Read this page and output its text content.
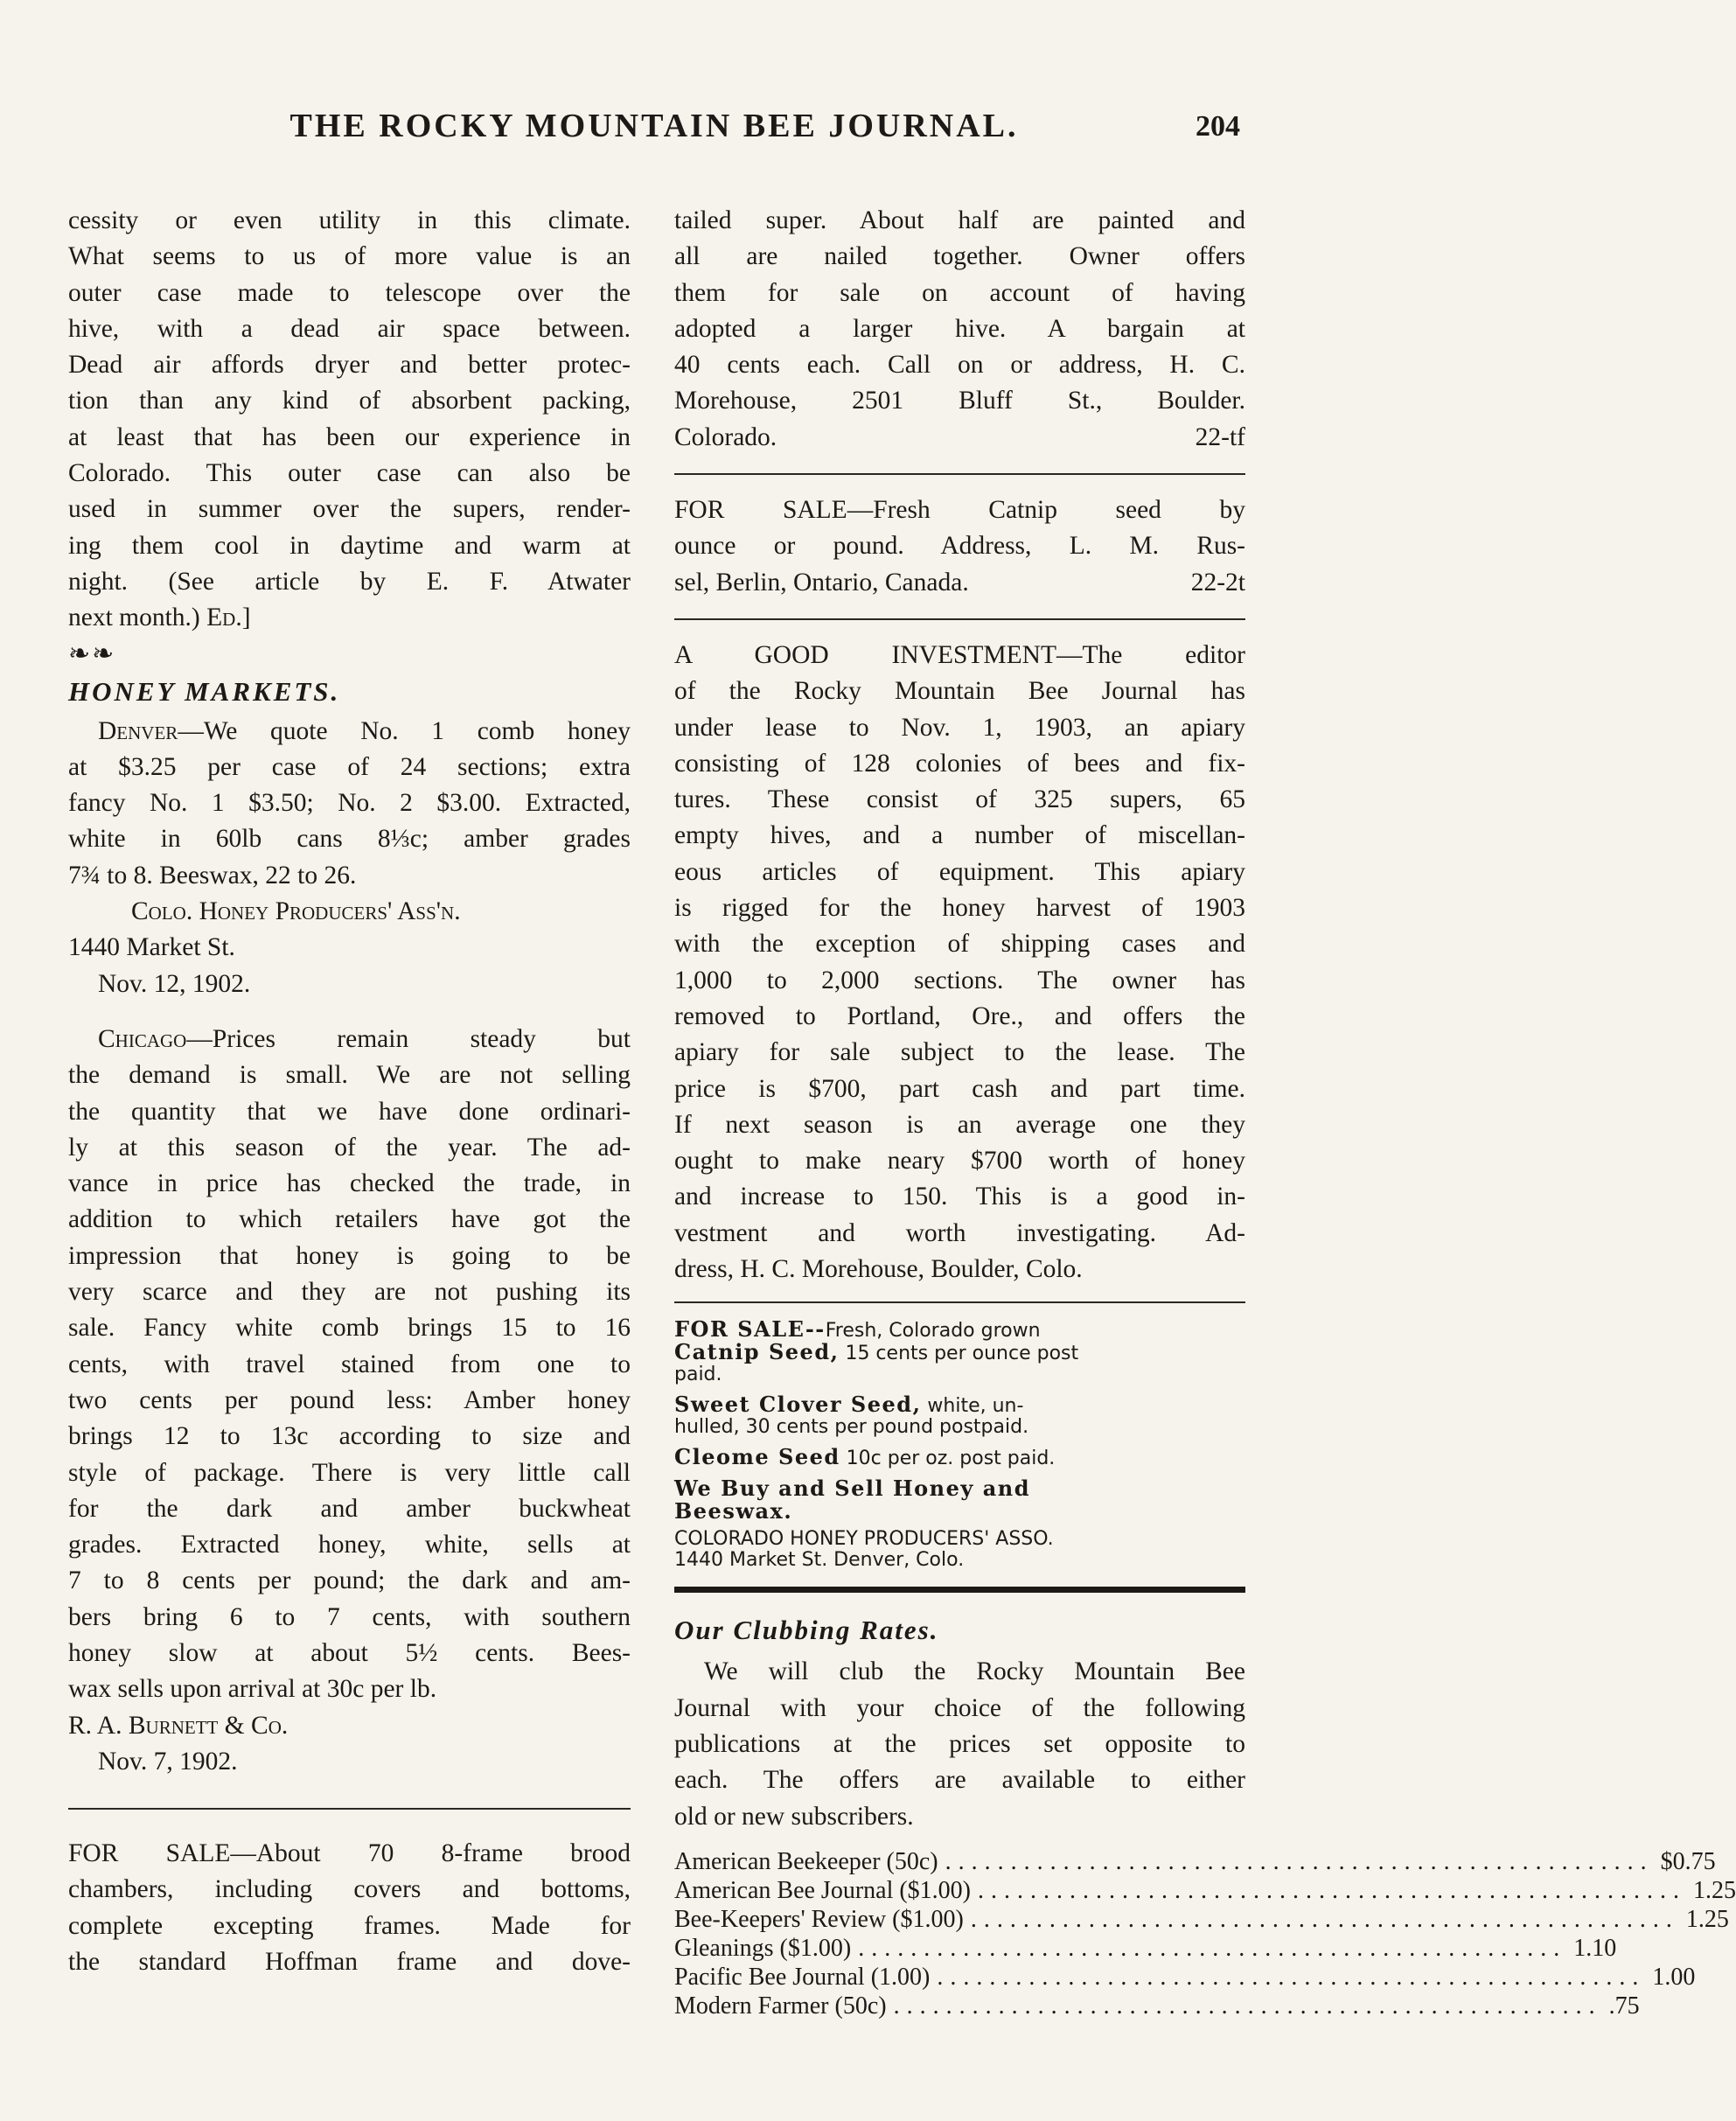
THE ROCKY MOUNTAIN BEE JOURNAL.	204

cessity or even utility in this climate.

What seems to us of more value is an

outer case made to telescope over the

hive, with a dead air space between.

Dead air affords dryer and better protec-

tion than any kind of absorbent packing,

at least that has been our experience in

Colorado. This outer case can also be

used in summer over the supers, render-

ing them cool in daytime and warm at

night. (See article by E. F. Atwater

next month.) Ed.]

❧❧

HONEY MARKETS.

Denver—We quote No. 1 comb honey

at $3.25 per case of 24 sections; extra

fancy No. 1 $3.50; No. 2 $3.00. Extracted,

white in 60lb cans 8⅓c; amber grades

7¾ to 8. Beeswax, 22 to 26.

Colo. Honey Producers' Ass'n.

1440 Market St.

Nov. 12, 1902.

Chicago—Prices remain steady but

the demand is small. We are not selling

the quantity that we have done ordinari-

ly at this season of the year. The ad-

vance in price has checked the trade, in

addition to which retailers have got the

impression that honey is going to be

very scarce and they are not pushing its

sale. Fancy white comb brings 15 to 16

cents, with travel stained from one to

two cents per pound less: Amber honey

brings 12 to 13c according to size and

style of package. There is very little call

for the dark and amber buckwheat

grades. Extracted honey, white, sells at

7 to 8 cents per pound; the dark and am-

bers bring 6 to 7 cents, with southern

honey slow at about 5½ cents. Bees-

wax sells upon arrival at 30c per lb.

R. A. Burnett & Co.

Nov. 7, 1902.

FOR SALE—About 70 8-frame brood

chambers, including covers and bottoms,

complete excepting frames. Made for

the standard Hoffman frame and dove-

tailed super. About half are painted and

all are nailed together. Owner offers

them for sale on account of having

adopted a larger hive. A bargain at

40 cents each. Call on or address, H. C.

Morehouse, 2501 Bluff St., Boulder.

Colorado.	22-tf

FOR SALE—Fresh Catnip seed by

ounce or pound. Address, L. M. Rus-

sel, Berlin, Ontario, Canada.	22-2t

A GOOD INVESTMENT—The editor

of the Rocky Mountain Bee Journal has

under lease to Nov. 1, 1903, an apiary

consisting of 128 colonies of bees and fix-

tures. These consist of 325 supers, 65

empty hives, and a number of miscellan-

eous articles of equipment. This apiary

is rigged for the honey harvest of 1903

with the exception of shipping cases and

1,000 to 2,000 sections. The owner has

removed to Portland, Ore., and offers the

apiary for sale subject to the lease. The

price is $700, part cash and part time.

If next season is an average one they

ought to make neary $700 worth of honey

and increase to 150. This is a good in-

vestment and worth investigating. Ad-

dress, H. C. Morehouse, Boulder, Colo.

FOR SALE--Fresh, Colorado grown

Catnip Seed, 15 cents per ounce post

paid.

Sweet Clover Seed, white, un-

hulled, 30 cents per pound postpaid.

Cleome Seed 10c per oz. post paid.

We Buy and Sell Honey and

Beeswax.

COLORADO HONEY PRODUCERS' ASSO.

1440 Market St. Denver, Colo.

Our Clubbing Rates.

We will club the Rocky Mountain Bee

Journal with your choice of the following

publications at the prices set opposite to

each. The offers are available to either

old or new subscribers.

American Beekeeper (50c) ...................................................... $0.75
American Bee Journal ($1.00) ...................................................... 1.25
Bee-Keepers' Review ($1.00) ...................................................... 1.25
Gleanings ($1.00) ...................................................... 1.10
Pacific Bee Journal (1.00) ...................................................... 1.00
Modern Farmer (50c) ...................................................... .75
